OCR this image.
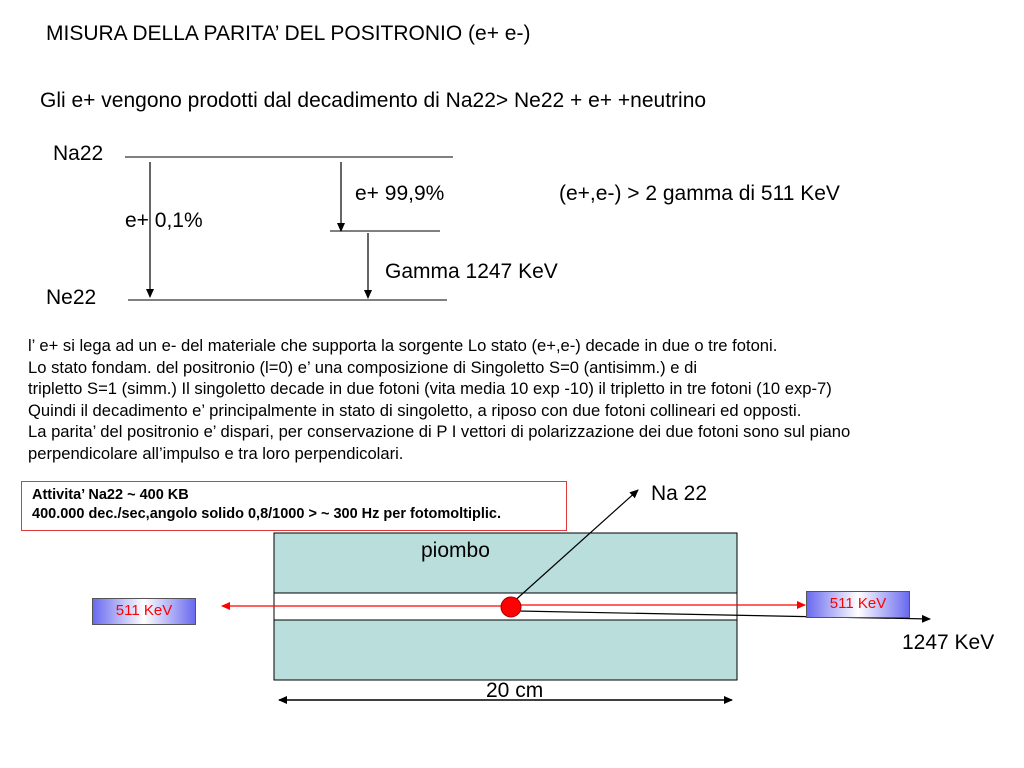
MISURA DELLA PARITA’ DEL POSITRONIO (e+ e-)
Gli e+ vengono prodotti dal decadimento di Na22> Ne22 + e+ +neutrino
Na22
Ne22
e+ 99,9%
e+ 0,1%
Gamma 1247 KeV
(e+,e-) > 2 gamma di 511 KeV
l’ e+ si lega ad un e- del materiale che supporta la sorgente Lo stato (e+,e-) decade in due o tre fotoni.
Lo stato fondam. del positronio (l=0) e’ una composizione di Singoletto S=0 (antisimm.) e di
tripletto S=1 (simm.) Il singoletto decade in due fotoni (vita media 10 exp -10) il tripletto in tre fotoni (10 exp-7)
Quindi il decadimento e’ principalmente in stato di singoletto, a riposo con due fotoni collineari ed opposti.
La parita’ del positronio e’ dispari, per conservazione di P I vettori di polarizzazione dei due fotoni sono sul piano
perpendicolare all’impulso e tra loro perpendicolari.
Attivita’ Na22 ~ 400 KB
400.000 dec./sec,angolo solido 0,8/1000 > ~ 300 Hz per fotomoltiplic.
Na 22
piombo
511 KeV	511 KeV
1247 KeV
20 cm
